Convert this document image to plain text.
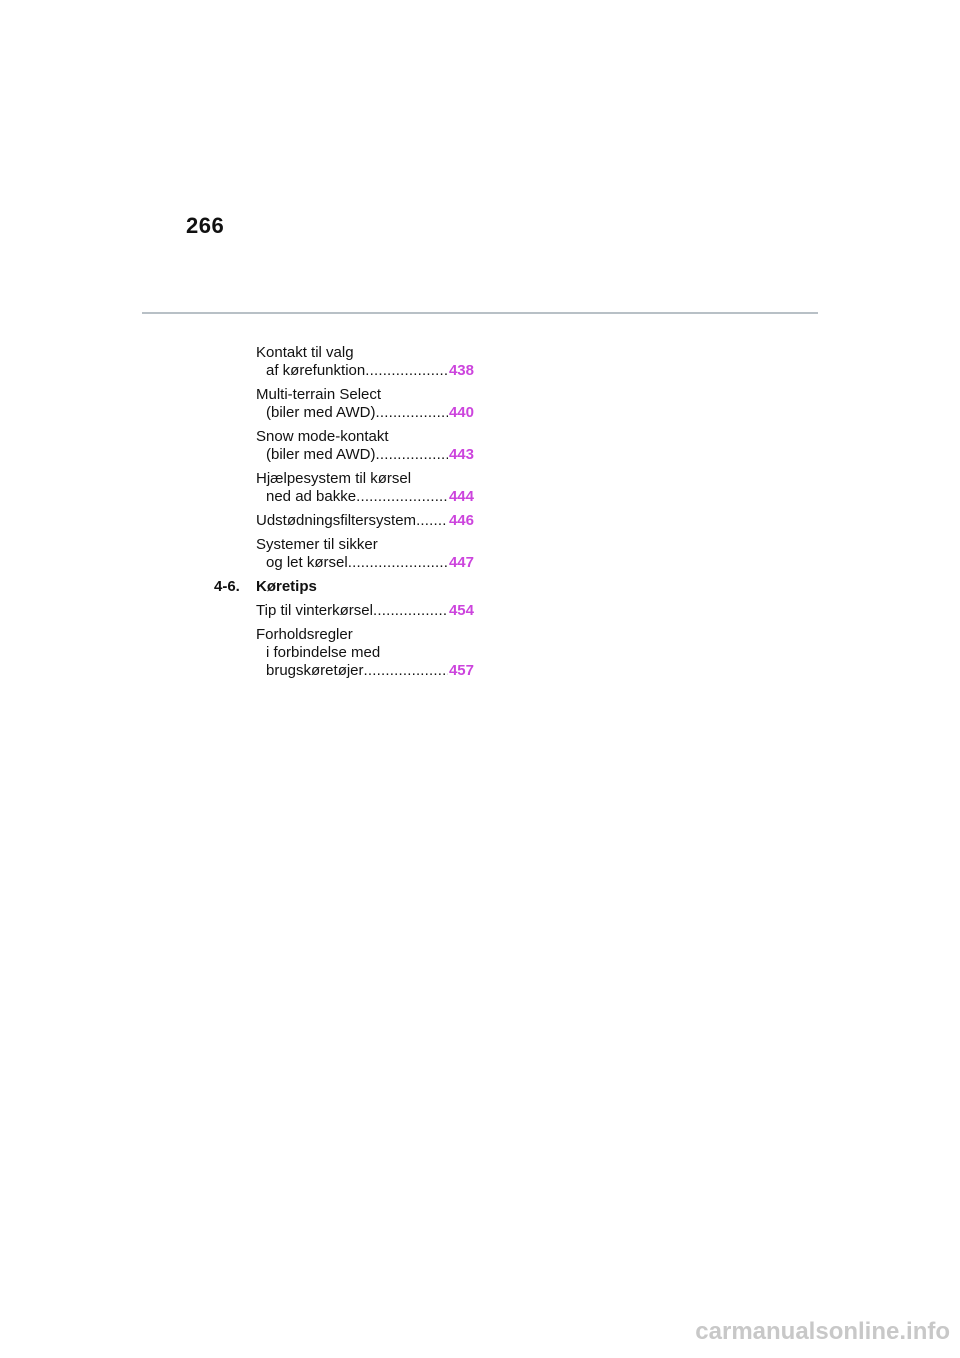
266
Kontakt til valg
af kørefunktion .....	438
Multi-terrain Select
(biler med AWD) .....	440
Snow mode-kontakt
(biler med AWD) .....	443
Hjælpesystem til kørsel
ned ad bakke .....	444
Udstødningsfiltersystem ..... 446
Systemer til sikker
og let kørsel .....	447
4-6.	Køretips
Tip til vinterkørsel .....	454
Forholdsregler
i forbindelse med
brugskøretøjer .....	457
carmanualsonline.info
